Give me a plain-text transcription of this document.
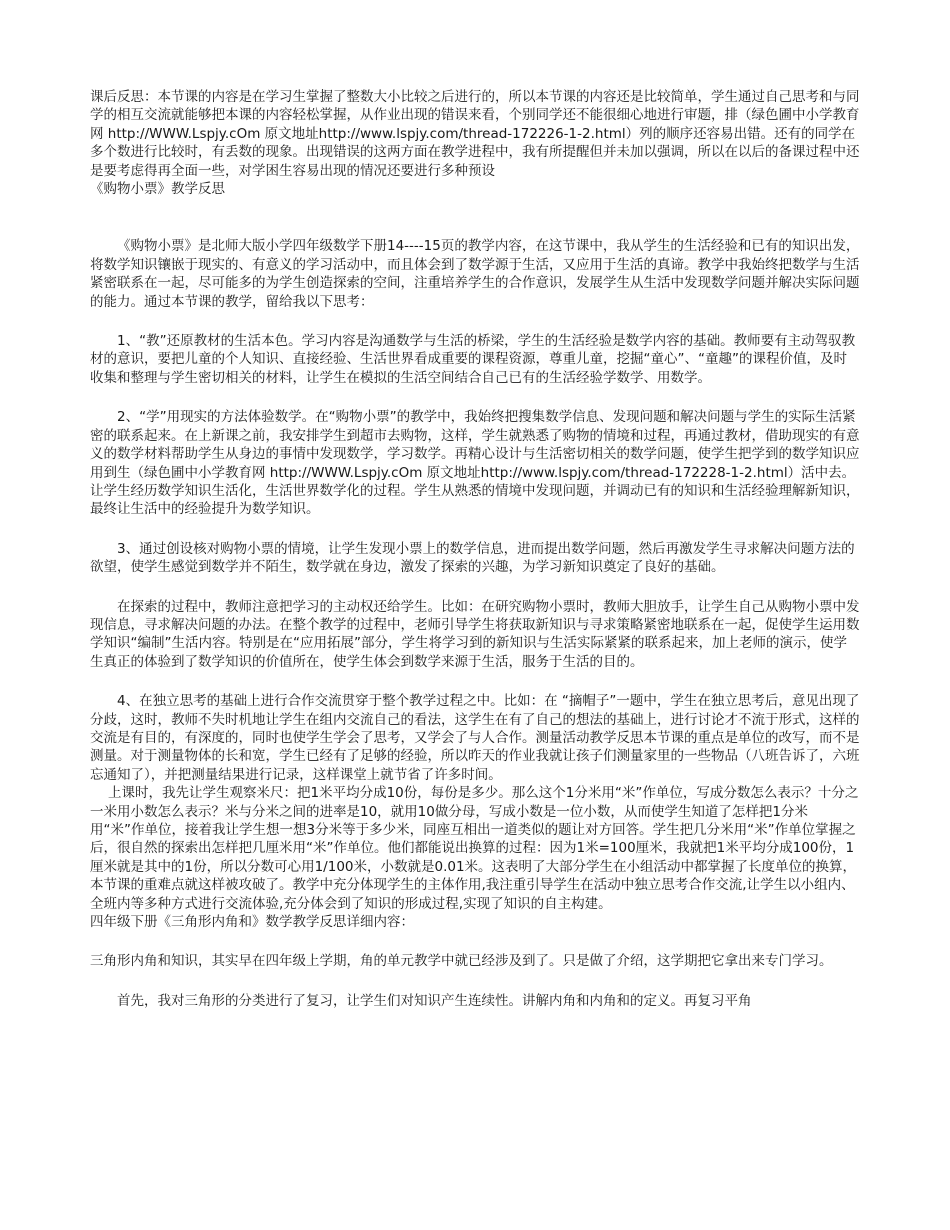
课后反思：本节课的内容是在学习生掌握了整数大小比较之后进行的，所以本节课的内容还是比较简单，学生通过自己思考和与同学的相互交流就能够把本课的内容轻松掌握，从作业出现的错误来看，个别同学还不能很细心地进行审题，排（绿色圃中小学教育网 http://WWW.Lspjy.cOm 原文地址http://www.lspjy.com/thread-172226-1-2.html）列的顺序还容易出错。还有的同学在多个数进行比较时，有丢数的现象。出现错误的这两方面在教学进程中，我有所提醒但并未加以强调，所以在以后的备课过程中还是要考虑得再全面一些，对学困生容易出现的情况还要进行多种预设

《购物小票》教学反思

《购物小票》是北师大版小学四年级数学下册14----15页的教学内容，在这节课中，我从学生的生活经验和已有的知识出发，将数学知识镶嵌于现实的、有意义的学习活动中，而且体会到了数学源于生活，又应用于生活的真谛。教学中我始终把数学与生活紧密联系在一起，尽可能多的为学生创造探索的空间，注重培养学生的合作意识，发展学生从生活中发现数学问题并解决实际问题的能力。通过本节课的教学，留给我以下思考：

1、“教”还原教材的生活本色。学习内容是沟通数学与生活的桥梁，学生的生活经验是数学内容的基础。教师要有主动驾驭教材的意识，要把儿童的个人知识、直接经验、生活世界看成重要的课程资源，尊重儿童，挖掘“童心”、“童趣”的课程价值，及时收集和整理与学生密切相关的材料，让学生在模拟的生活空间结合自己已有的生活经验学数学、用数学。

2、“学”用现实的方法体验数学。在“购物小票”的教学中，我始终把搜集数学信息、发现问题和解决问题与学生的实际生活紧密的联系起来。在上新课之前，我安排学生到超市去购物，这样，学生就熟悉了购物的情境和过程，再通过教材，借助现实的有意义的数学材料帮助学生从身边的事情中发现数学，学习数学。再精心设计与生活密切相关的数学问题，使学生把学到的数学知识应用到生（绿色圃中小学教育网 http://WWW.Lspjy.cOm 原文地址http://www.lspjy.com/thread-172228-1-2.html）活中去。让学生经历数学知识生活化，生活世界数学化的过程。学生从熟悉的情境中发现问题，并调动已有的知识和生活经验理解新知识，最终让生活中的经验提升为数学知识。

3、通过创设核对购物小票的情境，让学生发现小票上的数学信息，进而提出数学问题，然后再激发学生寻求解决问题方法的欲望，使学生感觉到数学并不陌生，数学就在身边，激发了探索的兴趣，为学习新知识奠定了良好的基础。

在探索的过程中，教师注意把学习的主动权还给学生。比如：在研究购物小票时，教师大胆放手，让学生自己从购物小票中发现信息，寻求解决问题的办法。在整个教学的过程中，老师引导学生将获取新知识与寻求策略紧密地联系在一起，促使学生运用数学知识“编制”生活内容。特别是在“应用拓展”部分，学生将学习到的新知识与生活实际紧紧的联系起来，加上老师的演示，使学生真正的体验到了数学知识的价值所在，使学生体会到数学来源于生活，服务于生活的目的。

4、在独立思考的基础上进行合作交流贯穿于整个教学过程之中。比如：在 “摘帽子”一题中，学生在独立思考后，意见出现了分歧，这时，教师不失时机地让学生在组内交流自己的看法，这学生在有了自己的想法的基础上，进行讨论才不流于形式，这样的交流是有目的，有深度的，同时也使学生学会了思考，又学会了与人合作。测量活动教学反思本节课的重点是单位的改写，而不是测量。对于测量物体的长和宽，学生已经有了足够的经验，所以昨天的作业我就让孩子们测量家里的一些物品（八班告诉了，六班忘通知了），并把测量结果进行记录，这样课堂上就节省了许多时间。

上课时，我先让学生观察米尺：把1米平均分成10份，每份是多少。那么这个1分米用“米”作单位，写成分数怎么表示？十分之一米用小数怎么表示？米与分米之间的进率是10，就用10做分母，写成小数是一位小数，从而使学生知道了怎样把1分米用“米”作单位，接着我让学生想一想3分米等于多少米，同座互相出一道类似的题让对方回答。学生把几分米用“米”作单位掌握之后，很自然的探索出怎样把几厘米用“米”作单位。他们都能说出换算的过程：因为1米=100厘米，我就把1米平均分成100份，1厘米就是其中的1份，所以分数可心用1/100米，小数就是0.01米。这表明了大部分学生在小组活动中都掌握了长度单位的换算，本节课的重难点就这样被攻破了。教学中充分体现学生的主体作用,我注重引导学生在活动中独立思考合作交流,让学生以小组内、全班内等多种方式进行交流体验,充分体会到了知识的形成过程,实现了知识的自主构建。

四年级下册《三角形内角和》数学教学反思详细内容：

三角形内角和知识，其实早在四年级上学期，角的单元教学中就已经涉及到了。只是做了介绍，这学期把它拿出来专门学习。

首先，我对三角形的分类进行了复习，让学生们对知识产生连续性。讲解内角和内角和的定义。再复习平角
